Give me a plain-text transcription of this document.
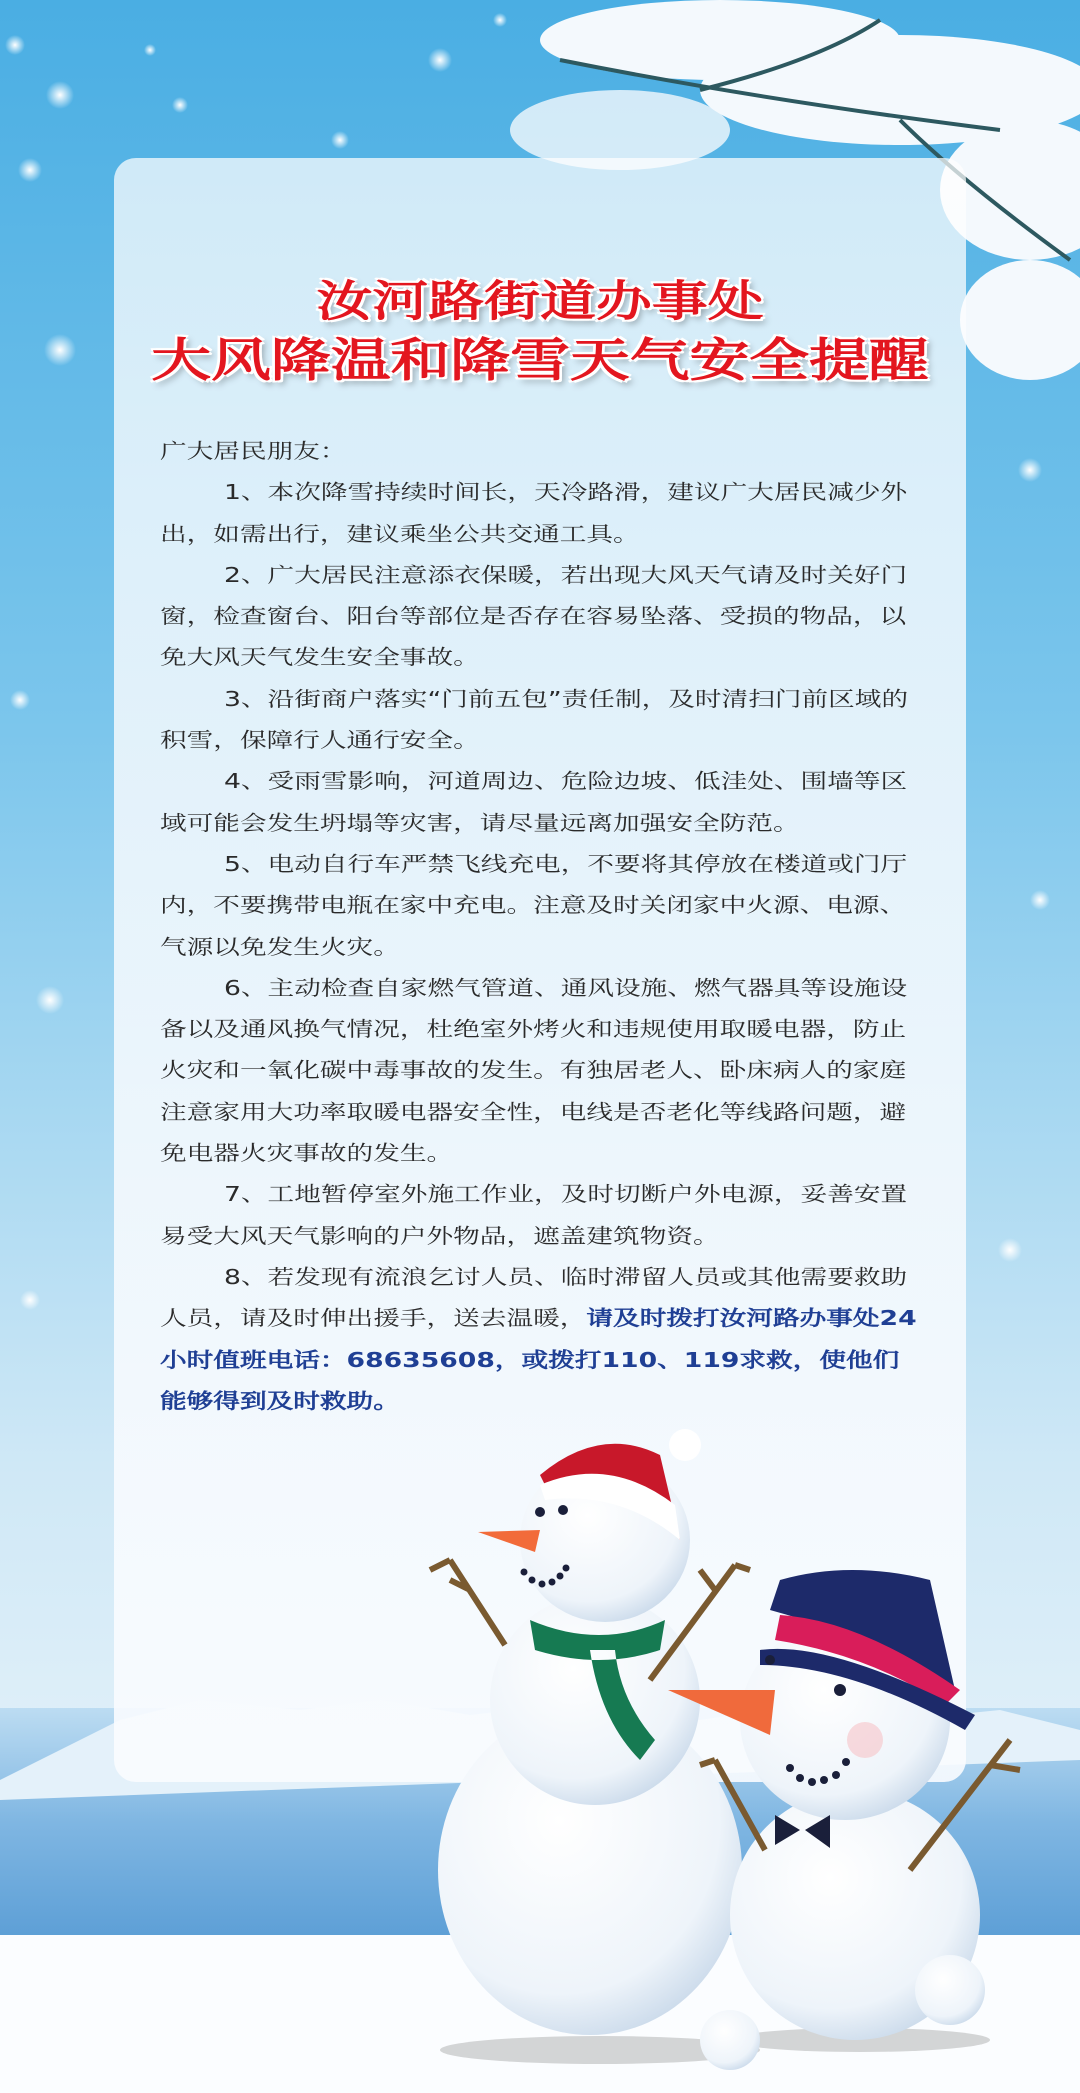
汝河路街道办事处
大风降温和降雪天气安全提醒

广大居民朋友：

1、本次降雪持续时间长，天冷路滑，建议广大居民减少外出，如需出行，建议乘坐公共交通工具。

2、广大居民注意添衣保暖，若出现大风天气请及时关好门窗，检查窗台、阳台等部位是否存在容易坠落、受损的物品，以免大风天气发生安全事故。

3、沿街商户落实“门前五包”责任制，及时清扫门前区域的积雪，保障行人通行安全。

4、受雨雪影响，河道周边、危险边坡、低洼处、围墙等区域可能会发生坍塌等灾害，请尽量远离加强安全防范。

5、电动自行车严禁飞线充电，不要将其停放在楼道或门厅内，不要携带电瓶在家中充电。注意及时关闭家中火源、电源、气源以免发生火灾。

6、主动检查自家燃气管道、通风设施、燃气器具等设施设备以及通风换气情况，杜绝室外烤火和违规使用取暖电器，防止火灾和一氧化碳中毒事故的发生。有独居老人、卧床病人的家庭注意家用大功率取暖电器安全性，电线是否老化等线路问题，避免电器火灾事故的发生。

7、工地暂停室外施工作业，及时切断户外电源，妥善安置易受大风天气影响的户外物品，遮盖建筑物资。

8、若发现有流浪乞讨人员、临时滞留人员或其他需要救助人员，请及时伸出援手，送去温暖，请及时拨打汝河路办事处24小时值班电话：68635608，或拨打110、119求救，使他们能够得到及时救助。
